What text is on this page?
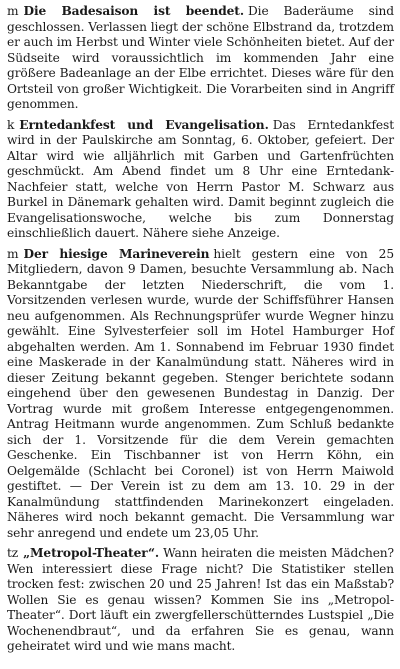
m Die Badesaison ist beendet. Die Baderäume sind geschlossen. Verlassen liegt der schöne Elbstrand da, trotzdem er auch im Herbst und Winter viele Schönheiten bietet. Auf der Südseite wird voraussichtlich im kommenden Jahr eine größere Badeanlage an der Elbe errichtet. Dieses wäre für den Ortsteil von großer Wichtigkeit. Die Vorarbeiten sind in Angriff genommen.

k Erntedankfest und Evangelisation. Das Erntedankfest wird in der Paulskirche am Sonntag, 6. Oktober, gefeiert. Der Altar wird wie alljährlich mit Garben und Gartenfrüchten geschmückt. Am Abend findet um 8 Uhr eine Erntedank-Nachfeier statt, welche von Herrn Pastor M. Schwarz aus Burkel in Dänemark gehalten wird. Damit beginnt zugleich die Evangelisationswoche, welche bis zum Donnerstag einschließlich dauert. Nähere siehe Anzeige.

m Der hiesige Marineverein hielt gestern eine von 25 Mitgliedern, davon 9 Damen, besuchte Versammlung ab. Nach Bekanntgabe der letzten Niederschrift, die vom 1. Vorsitzenden verlesen wurde, wurde der Schiffsführer Hansen neu aufgenommen. Als Rechnungsprüfer wurde Wegner hinzu gewählt. Eine Sylvesterfeier soll im Hotel Hamburger Hof abgehalten werden. Am 1. Sonnabend im Februar 1930 findet eine Maskerade in der Kanalmündung statt. Näheres wird in dieser Zeitung bekannt gegeben. Stenger berichtete sodann eingehend über den gewesenen Bundestag in Danzig. Der Vortrag wurde mit großem Interesse entgegengenommen. Antrag Heitmann wurde angenommen. Zum Schluß bedankte sich der 1. Vorsitzende für die dem Verein gemachten Geschenke. Ein Tischbanner ist von Herrn Köhn, ein Oelgemälde (Schlacht bei Coronel) ist von Herrn Maiwold gestiftet. — Der Verein ist zu dem am 13. 10. 29 in der Kanalmündung stattfindenden Marinekonzert eingeladen. Näheres wird noch bekannt gemacht. Die Versammlung war sehr anregend und endete um 23,05 Uhr.

tz „Metropol-Theater“. Wann heiraten die meisten Mädchen? Wen interessiert diese Frage nicht? Die Statistiker stellen trocken fest: zwischen 20 und 25 Jahren! Ist das ein Maßstab? Wollen Sie es genau wissen? Kommen Sie ins „Metropol-Theater“. Dort läuft ein zwergfellerschütterndes Lustspiel „Die Wochenendbraut“, und da erfahren Sie es genau, wann geheiratet wird und wie mans macht.
